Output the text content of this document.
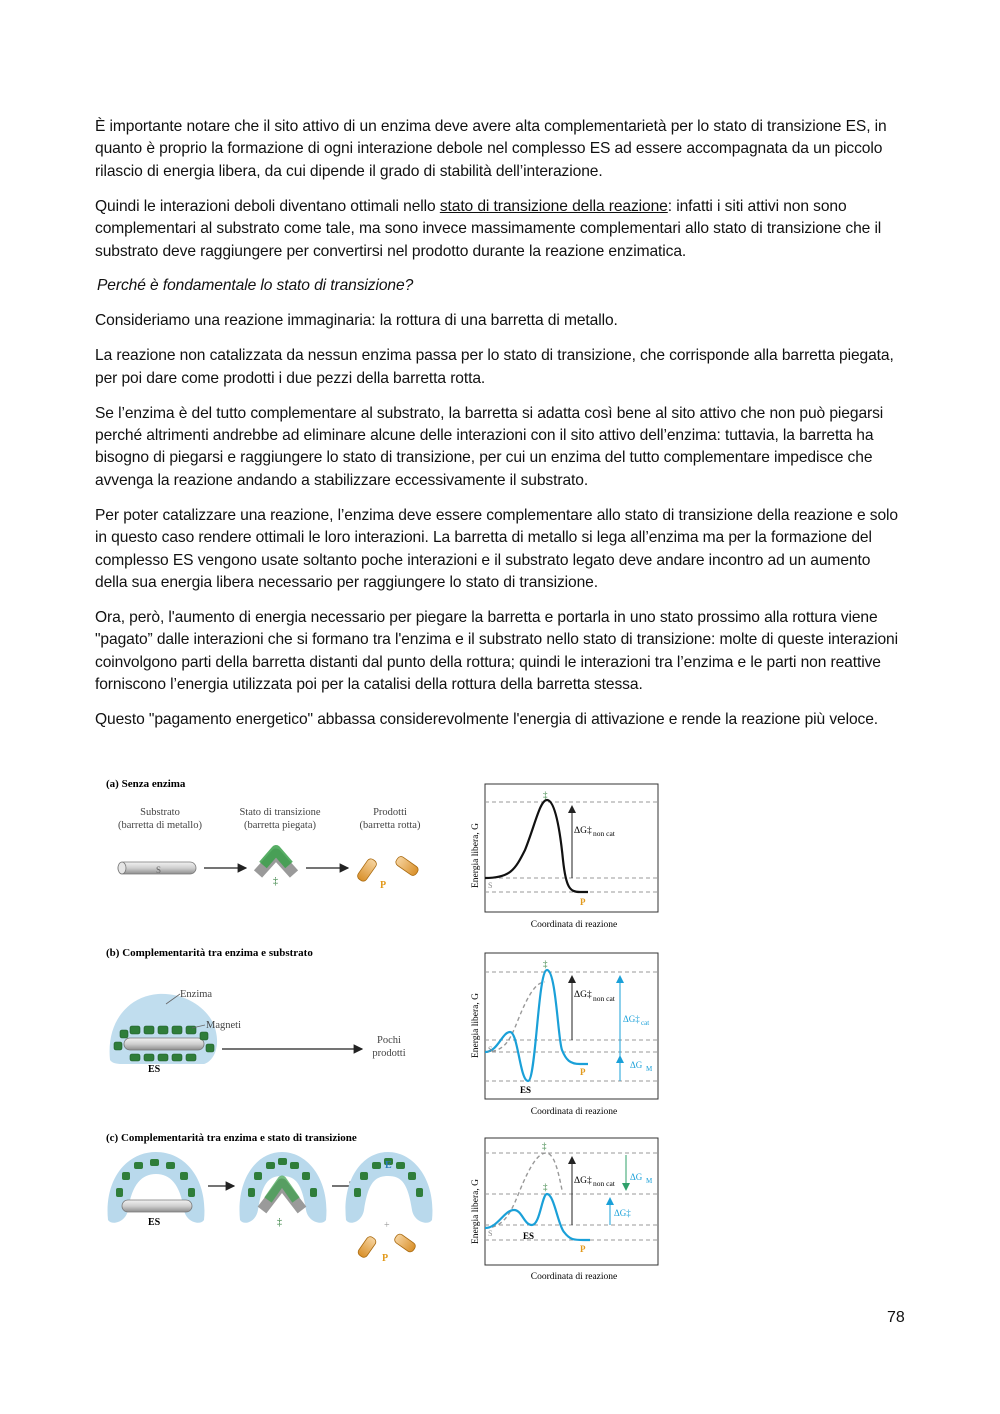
È importante notare che il sito attivo di un enzima deve avere alta complementarietà per lo stato di transizione ES, in quanto è proprio la formazione di ogni interazione debole nel complesso ES ad essere accompagnata da un piccolo rilascio di energia libera, da cui dipende il grado di stabilità dell’interazione.

Quindi le interazioni deboli diventano ottimali nello stato di transizione della reazione: infatti i siti attivi non sono complementari al substrato come tale, ma sono invece massimamente complementari allo stato di transizione che il substrato deve raggiungere per convertirsi nel prodotto durante la reazione enzimatica.

Perché è fondamentale lo stato di transizione?

Consideriamo una reazione immaginaria: la rottura di una barretta di metallo.

La reazione non catalizzata da nessun enzima passa per lo stato di transizione, che corrisponde alla barretta piegata, per poi dare come prodotti i due pezzi della barretta rotta.

Se l’enzima è del tutto complementare al substrato, la barretta si adatta così bene al sito attivo che non può piegarsi perché altrimenti andrebbe ad eliminare alcune delle interazioni con il sito attivo dell’enzima: tuttavia, la barretta ha bisogno di piegarsi e raggiungere lo stato di transizione, per cui un enzima del tutto complementare impedisce che avvenga la reazione andando a stabilizzare eccessivamente il substrato.

Per poter catalizzare una reazione, l’enzima deve essere complementare allo stato di transizione della reazione e solo in questo caso rendere ottimali le loro interazioni. La barretta di metallo si lega all’enzima ma per la formazione del complesso ES vengono usate soltanto poche interazioni e il substrato legato deve andare incontro ad un aumento della sua energia libera necessario per raggiungere lo stato di transizione.

Ora, però, l'aumento di energia necessario per piegare la barretta e portarla in uno stato prossimo alla rottura viene "pagato” dalle interazioni che si formano tra l'enzima e il substrato nello stato di transizione: molte di queste interazioni coinvolgono parti della barretta distanti dal punto della rottura; quindi le interazioni tra l’enzima e le parti non reattive forniscono l’energia utilizzata poi per la catalisi della rottura della barretta stessa.

Questo "pagamento energetico" abbassa considerevolmente l'energia di attivazione e rende la reazione più veloce.

(a) Senza enzima
Substrato
(barretta di metallo)
Stato di transizione
(barretta piegata)
Prodotti
(barretta rotta)
S
‡	P
ΔG‡ non cat
S
P
‡
Energia libera, G
Coordinata di reazione
(b) Complementarità tra enzima e substrato
Enzima
Magneti
ES
Pochi
prodotti
ΔG‡ non cat
ΔG‡ cat
ΔG M
S
P
ES
‡
Energia libera, G
Coordinata di reazione
(c) Complementarità tra enzima e stato di transizione
ES	‡
E
+
P
ΔG‡ non cat
ΔG M
ΔG‡
S
P
ES
‡
‡
Energia libera, G
Coordinata di reazione
78
